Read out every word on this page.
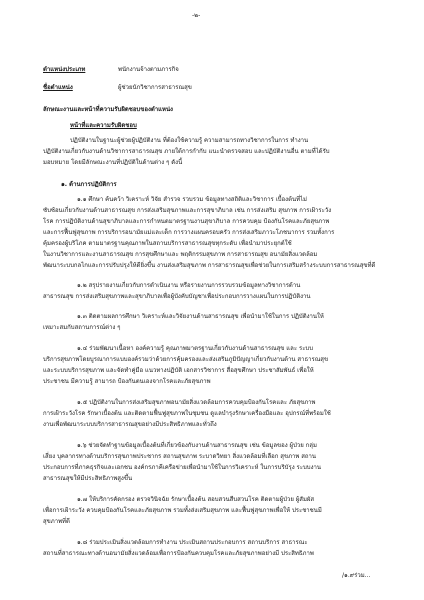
-๒-
ตำแหน่งประเภท	พนักงานจ้างตามภารกิจ
ชื่อตำแหน่ง	ผู้ช่วยนักวิชาการสาธารณสุข
ลักษณะงานและหน้าที่ความรับผิดชอบของตำแหน่ง
หน้าที่และความรับผิดชอบ
ปฏิบัติงานในฐานะผู้ช่วยผู้ปฏิบัติงาน ที่ต้องใช้ความรู้ ความสามารถทางวิชาการในการ ทำงาน
ปฏิบัติงานเกี่ยวกับงานด้านวิชาการสาธารณสุข ภายใต้การกำกับ แนะนำตรวจสอบ และปฏิบัติงานอื่น ตามที่ได้รับ
มอบหมาย โดยมีลักษณะงานที่ปฏิบัติในด้านต่าง ๆ ดังนี้
๑. ด้านการปฏิบัติการ
๑.๑ ศึกษา ค้นคว้า วิเคราะห์ วิจัย สำรวจ รวบรวม ข้อมูลทางสถิติและวิชาการ เบื้องต้นที่ไม่
ซับซ้อนเกี่ยวกับงานด้านสาธารณสุข การส่งเสริมสุขภาพและการสุขาภิบาล เช่น การส่งเสริม สุขภาพ การเฝ้าระวัง
โรค การปฏิบัติงานด้านสุขาภิบาลและการกำหนดมาตรฐานงานสุขาภิบาล การควบคุม ป้องกันโรคและภัยสุขภาพ
และการฟื้นฟูสุขภาพ การบริการอนามัยแม่และเด็ก การวางแผนครอบครัว การส่งเสริมภาวะโภชนาการ รวมทั้งการ
คุ้มครองผู้บริโภค ตามมาตรฐานคุณภาพในสถานบริการสาธารณสุขทุกระดับ เพื่อนำมาประยุกต์ใช้
ในงานวิชาการและงานสาธารณสุข การสุขศึกษาและ พฤติกรรมสุขภาพ การสาธารณสุข อนามัยสิ่งแวดล้อม
พัฒนาระบบกลไกและการปรับปรุงให้ดียิ่งขึ้น งานส่งเสริมสุขภาพ การสาธารณสุขเพื่อช่วยในการเสริมสร้างระบบการสาธารณสุขที่ดี
๑.๒ สรุปรายงานเกี่ยวกับการดำเนินงาน หรือรายงานการรวบรวมข้อมูลทางวิชาการด้าน
สาธารณสุข การส่งเสริมสุขภาพและสุขาภิบาลเพื่อผู้บังคับบัญชาเพื่อประกอบการวางแผนในการปฏิบัติงาน
๑.๓ ติดตามผลการศึกษา วิเคราะห์และวิจัยงานด้านสาธารณสุข เพื่อนำมาใช้ในการ ปฏิบัติงานให้
เหมาะสมกับสถานการณ์ต่าง ๆ
๑.๔ ร่วมพัฒนาเนื้อหา องค์ความรู้ คุณภาพมาตรฐานเกี่ยวกับงานด้านสาธารณสุข และ ระบบ
บริการสุขภาพโดยบูรณาการแบบองค์รวมว่าด้วยการคุ้มครองและส่งเสริมภูมิปัญญาเกี่ยวกับงานด้าน สาธารณสุข
และระบบบริการสุขภาพ และจัดทำคู่มือ แนวทางปฏิบัติ เอกสารวิชาการ สื่อสุขศึกษา ประชาสัมพันธ์ เพื่อให้
ประชาชน มีความรู้ สามารถ ป้องกันตนเองจากโรคและภัยสุขภาพ
๑.๕ ปฏิบัติงานในการส่งเสริมสุขภาพอนามัยสิ่งแวดล้อมการควบคุมป้องกันโรคและ ภัยสุขภาพ
การเฝ้าระวังโรค รักษาเบื้องต้น และติดตามฟื้นฟูสุขภาพในชุมชน ดูแลบำรุงรักษาเครื่องมือและ อุปกรณ์ที่พร้อมใช้
งานเพื่อพัฒนาระบบบริการสาธารณสุขอย่างมีประสิทธิภาพและทั่วถึง
๑.๖ ช่วยจัดทำฐานข้อมูลเบื้องต้นที่เกี่ยวข้องกับงานด้านสาธารณสุข เช่น ข้อมูลของ ผู้ป่วย กลุ่ม
เสี่ยง บุคลากรทางด้านบริการสุขภาพประชากร สถานสุขภาพ ระบาดวิทยา สิ่งแวดล้อมที่เลือก สุขภาพ สถาน
ประกอบการที่ภาคธุรกิจและเอกชน องค์กรภาคีเครือข่ายเพื่อนำมาใช้ในการวิเคราะห์ ในการบริบัรุง ระบบงาน
สาธารณสุขให้มีประสิทธิภาพสูงขึ้น
๑.๗ ให้บริการคัดกรอง ตรวจวินิจฉัย รักษาเบื้องต้น สอบสวนสืบสวนโรค ติดตามผู้ป่วย ผู้สัมผัส
เพื่อการเฝ้าระวัง ควบคุมป้องกันโรคและภัยสุขภาพ รวมทั้งส่งเสริมสุขภาพ และฟื้นฟูสุขภาพเพื่อให้ ประชาชนมี
สุขภาพที่ดี
๑.๘ ร่วมประเมินสิ่งแวดล้อมการทำงาน ประเมินสถานประกอบการ สถานบริการ สาธารณะ
สถานที่สาธารณะทางด้านอนามัยสิ่งแวดล้อมเพื่อการป้องกันควบคุมโรคและภัยสุขภาพอย่างมี ประสิทธิภาพ
/๑.๙ร่วม...
